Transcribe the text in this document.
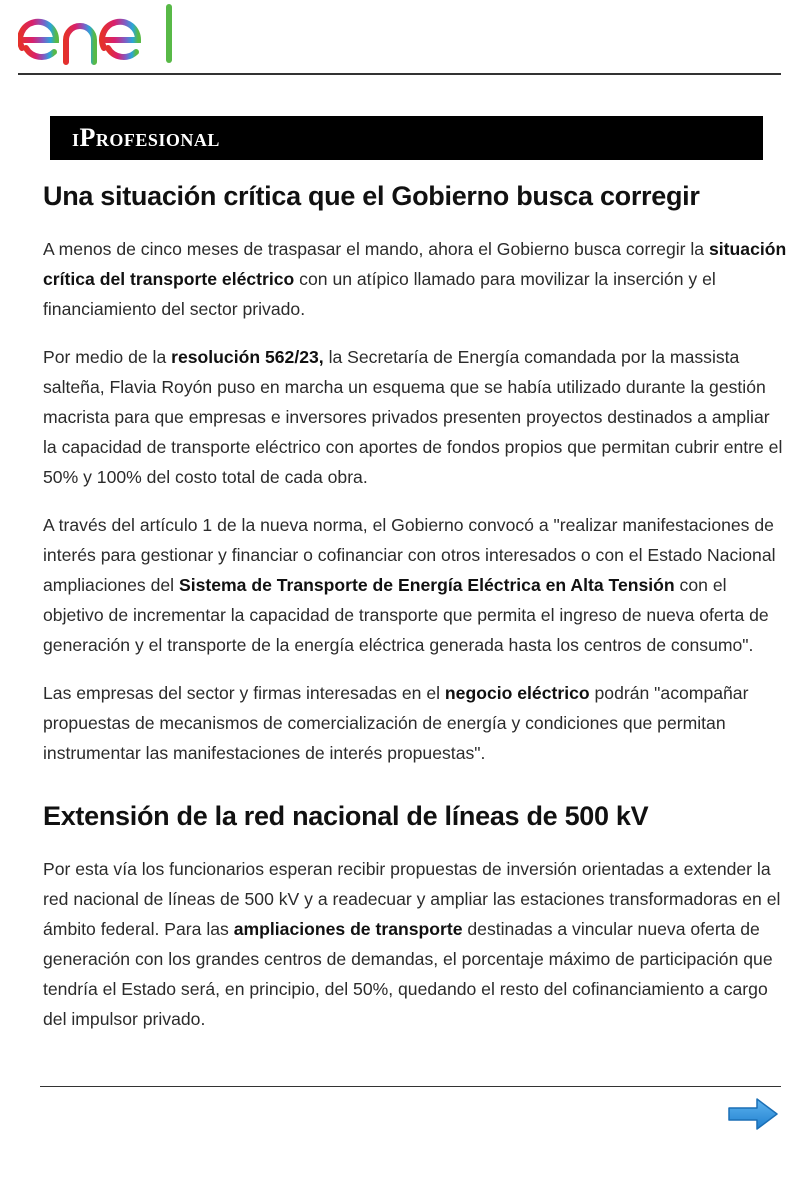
iProfesional
Una situación crítica que el Gobierno busca corregir

A menos de cinco meses de traspasar el mando, ahora el Gobierno busca corregir la situación crítica del transporte eléctrico con un atípico llamado para movilizar la inserción y el financiamiento del sector privado.

Por medio de la resolución 562/23, la Secretaría de Energía comandada por la massista salteña, Flavia Royón puso en marcha un esquema que se había utilizado durante la gestión macrista para que empresas e inversores privados presenten proyectos destinados a ampliar la capacidad de transporte eléctrico con aportes de fondos propios que permitan cubrir entre el 50% y 100% del costo total de cada obra.

A través del artículo 1 de la nueva norma, el Gobierno convocó a "realizar manifestaciones de interés para gestionar y financiar o cofinanciar con otros interesados o con el Estado Nacional ampliaciones del Sistema de Transporte de Energía Eléctrica en Alta Tensión con el objetivo de incrementar la capacidad de transporte que permita el ingreso de nueva oferta de generación y el transporte de la energía eléctrica generada hasta los centros de consumo".

Las empresas del sector y firmas interesadas en el negocio eléctrico podrán "acompañar propuestas de mecanismos de comercialización de energía y condiciones que permitan instrumentar las manifestaciones de interés propuestas".

Extensión de la red nacional de líneas de 500 kV

Por esta vía los funcionarios esperan recibir propuestas de inversión orientadas a extender la red nacional de líneas de 500 kV y a readecuar y ampliar las estaciones transformadoras en el ámbito federal. Para las ampliaciones de transporte destinadas a vincular nueva oferta de generación con los grandes centros de demandas, el porcentaje máximo de participación que tendría el Estado será, en principio, del 50%, quedando el resto del cofinanciamiento a cargo del impulsor privado.
